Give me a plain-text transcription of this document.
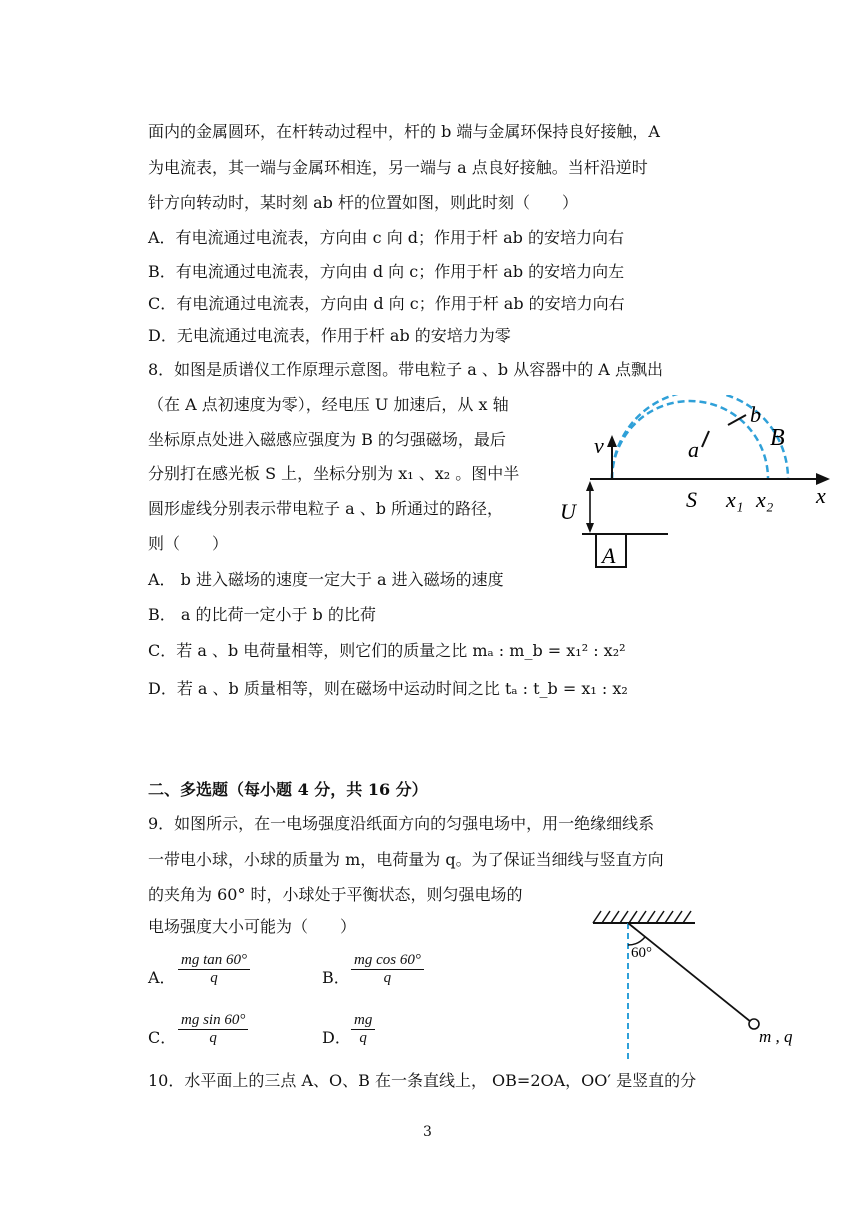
面内的金属圆环，在杆转动过程中，杆的 b 端与金属环保持良好接触，A
为电流表，其一端与金属环相连，另一端与 a 点良好接触。当杆沿逆时
针方向转动时，某时刻 ab 杆的位置如图，则此时刻（　　）
A．有电流通过电流表，方向由 c 向 d；作用于杆 ab 的安培力向右
B．有电流通过电流表，方向由 d 向 c；作用于杆 ab 的安培力向左
C．有电流通过电流表，方向由 d 向 c；作用于杆 ab 的安培力向右
D．无电流通过电流表，作用于杆 ab 的安培力为零
8．如图是质谱仪工作原理示意图。带电粒子 a 、b 从容器中的 A 点飘出
（在 A 点初速度为零），经电压 U 加速后，从 x 轴
坐标原点处进入磁感应强度为 B 的匀强磁场，最后
分别打在感光板 S 上，坐标分别为 x₁ 、x₂ 。图中半
圆形虚线分别表示带电粒子 a 、b 所通过的路径，
则（　　）
A． b 进入磁场的速度一定大于 a 进入磁场的速度
B． a 的比荷一定小于 b 的比荷
C．若 a 、b 电荷量相等，则它们的质量之比 mₐ : m_b = x₁² : x₂²
D．若 a 、b 质量相等，则在磁场中运动时间之比 tₐ : t_b = x₁ : x₂
v
b
a	B
S x₁ x₂ x
U
A
二、多选题（每小题 4 分，共 16 分）
9．如图所示，在一电场强度沿纸面方向的匀强电场中，用一绝缘细线系
一带电小球，小球的质量为 m，电荷量为 q。为了保证当细线与竖直方向
的夹角为 60° 时，小球处于平衡状态，则匀强电场的
电场强度大小可能为（　　）
A． $\frac{\text{mg tan 60°}}{q}$	B． $\frac{\text{mg cos 60°}}{q}$
C． $\frac{\text{mg sin 60°}}{q}$	D． $\frac{mg}{q}$
60°
m , q
10．水平面上的三点 A、O、B 在一条直线上， OB=2OA，OO′ 是竖直的分
3
